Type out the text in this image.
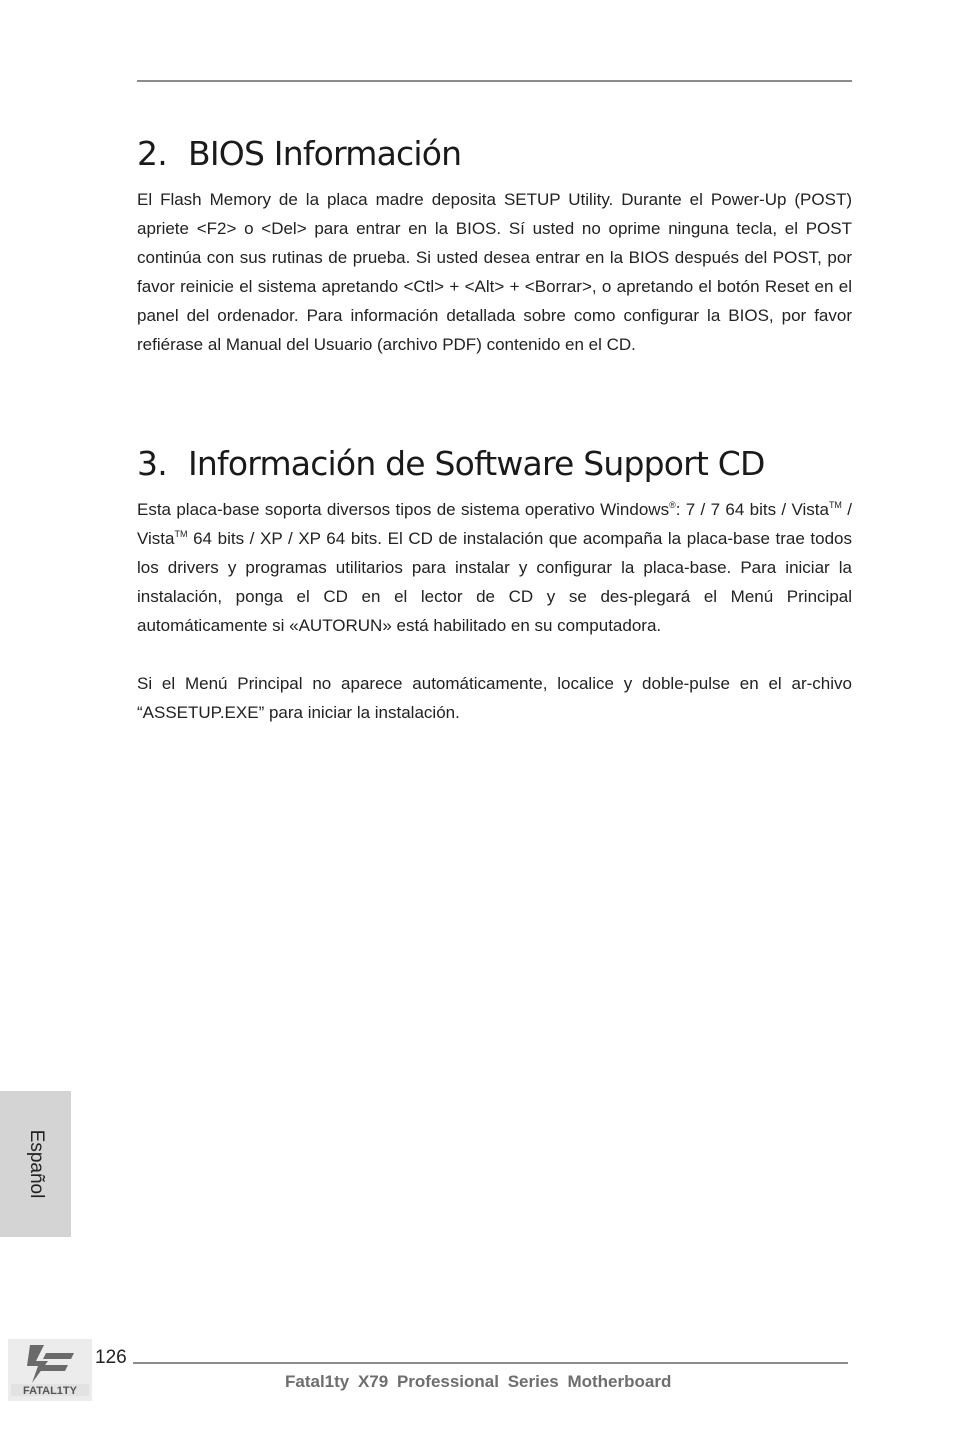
2. BIOS Información

El Flash Memory de la placa madre deposita SETUP Utility. Durante el Power-Up (POST) apriete <F2> o <Del> para entrar en la BIOS. Sí usted no oprime ninguna tecla, el POST continúa con sus rutinas de prueba. Si usted desea entrar en la BIOS después del POST, por favor reinicie el sistema apretando <Ctl> + <Alt> + <Borrar>, o apretando el botón Reset en el panel del ordenador. Para información detallada sobre como configurar la BIOS, por favor refiérase al Manual del Usuario (archivo PDF) contenido en el CD.

3. Información de Software Support CD

Esta placa-base soporta diversos tipos de sistema operativo Windows®: 7 / 7 64 bits / Vista™ / Vista™ 64 bits / XP / XP 64 bits. El CD de instalación que acompaña la placa-base trae todos los drivers y programas utilitarios para instalar y configurar la placa-base. Para iniciar la instalación, ponga el CD en el lector de CD y se des-plegará el Menú Principal automáticamente si «AUTORUN» está habilitado en su computadora.

Si el Menú Principal no aparece automáticamente, localice y doble-pulse en el ar-chivo “ASSETUP.EXE” para iniciar la instalación.

Español
FATAL1TY
126
Fatal1ty X79 Professional Series Motherboard
